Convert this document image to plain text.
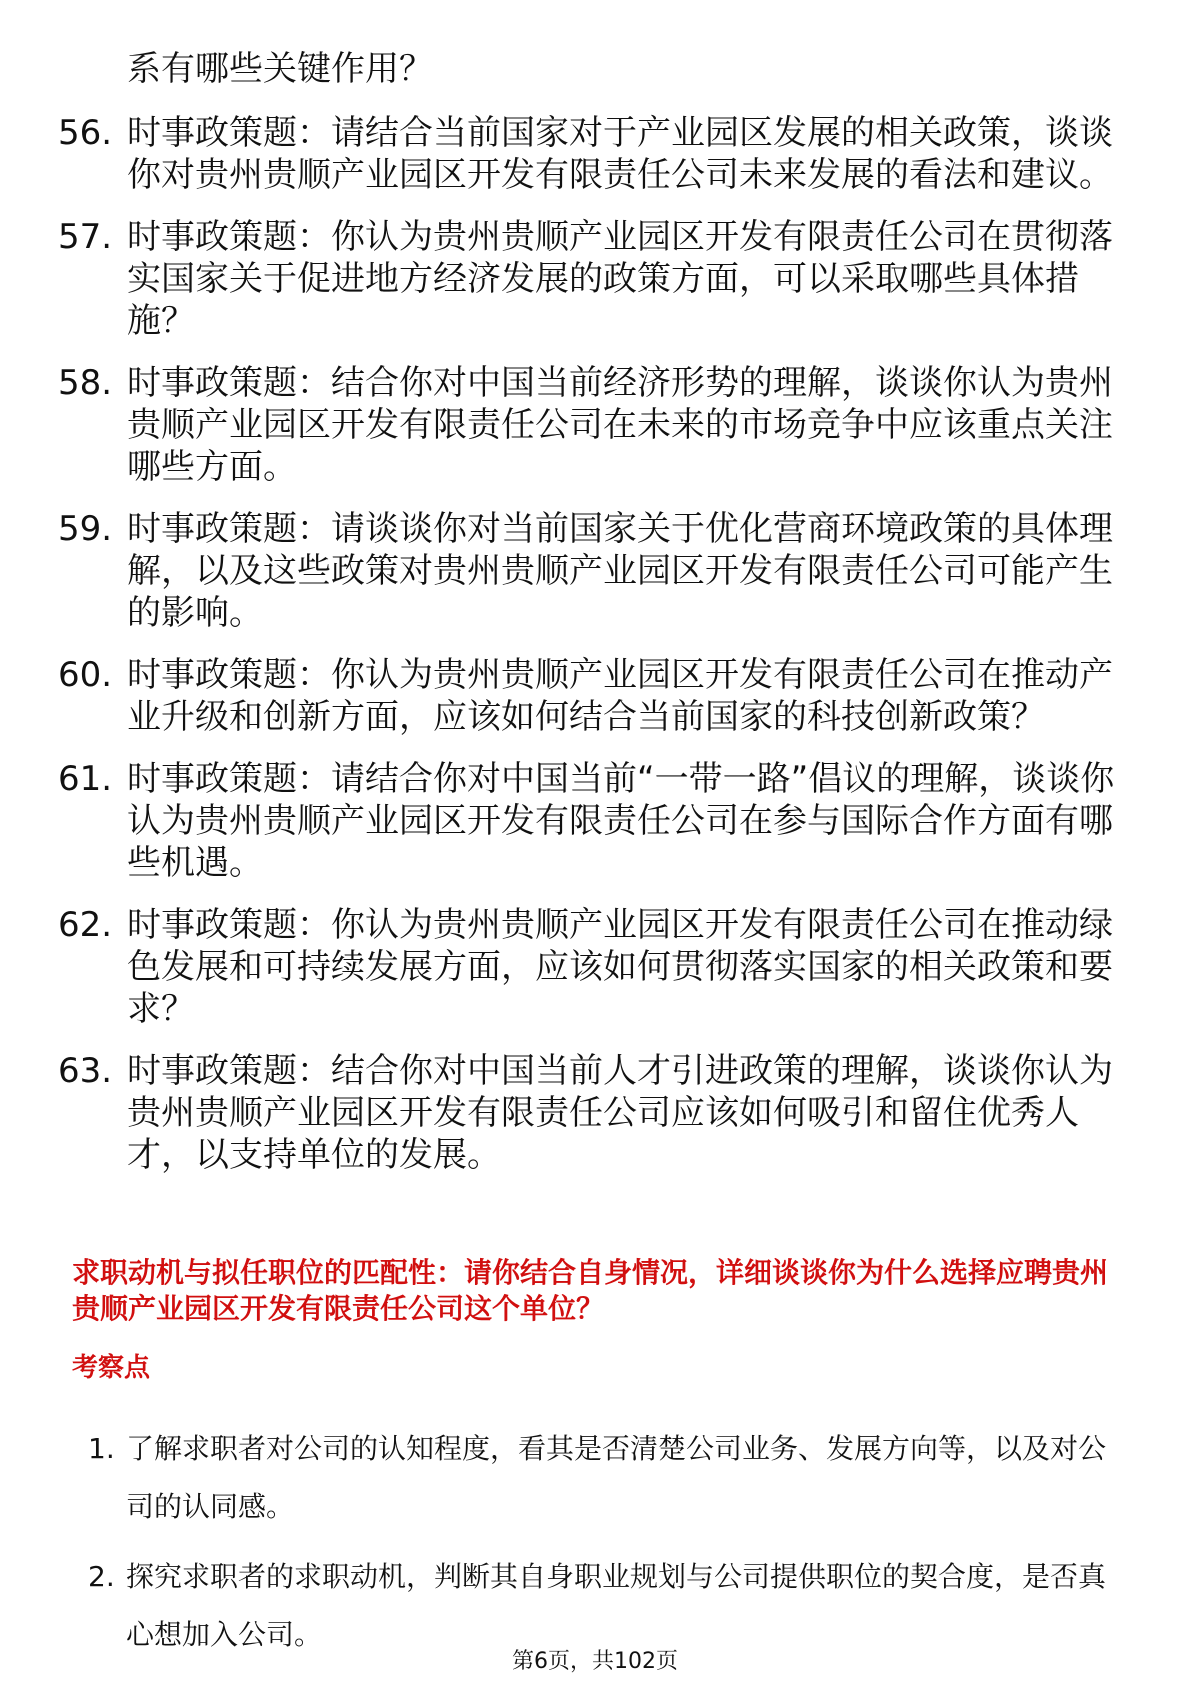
系有哪些关键作用？
56. 时事政策题：请结合当前国家对于产业园区发展的相关政策，谈谈你对贵州贵顺产业园区开发有限责任公司未来发展的看法和建议。
57. 时事政策题：你认为贵州贵顺产业园区开发有限责任公司在贯彻落实国家关于促进地方经济发展的政策方面，可以采取哪些具体措施？
58. 时事政策题：结合你对中国当前经济形势的理解，谈谈你认为贵州贵顺产业园区开发有限责任公司在未来的市场竞争中应该重点关注哪些方面。
59. 时事政策题：请谈谈你对当前国家关于优化营商环境政策的具体理解，以及这些政策对贵州贵顺产业园区开发有限责任公司可能产生的影响。
60. 时事政策题：你认为贵州贵顺产业园区开发有限责任公司在推动产业升级和创新方面，应该如何结合当前国家的科技创新政策？
61. 时事政策题：请结合你对中国当前“一带一路”倡议的理解，谈谈你认为贵州贵顺产业园区开发有限责任公司在参与国际合作方面有哪些机遇。
62. 时事政策题：你认为贵州贵顺产业园区开发有限责任公司在推动绿色发展和可持续发展方面，应该如何贯彻落实国家的相关政策和要求？
63. 时事政策题：结合你对中国当前人才引进政策的理解，谈谈你认为贵州贵顺产业园区开发有限责任公司应该如何吸引和留住优秀人才，以支持单位的发展。
求职动机与拟任职位的匹配性：请你结合自身情况，详细谈谈你为什么选择应聘贵州贵顺产业园区开发有限责任公司这个单位？
考察点
1. 了解求职者对公司的认知程度，看其是否清楚公司业务、发展方向等，以及对公司的认同感。
2. 探究求职者的求职动机，判断其自身职业规划与公司提供职位的契合度，是否真心想加入公司。
第6页，共102页
